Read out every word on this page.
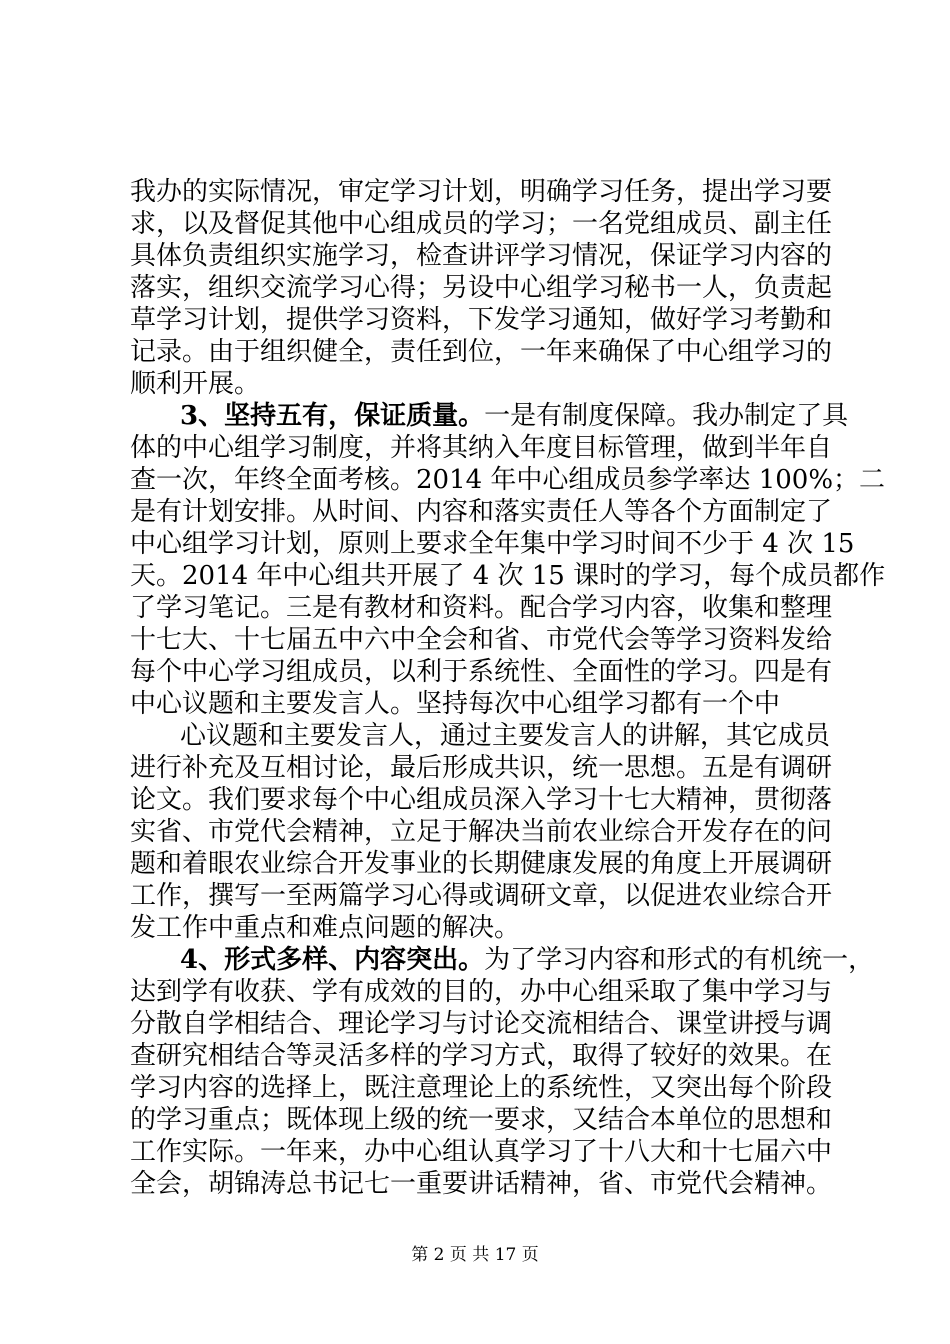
我办的实际情况，审定学习计划，明确学习任务，提出学习要
求，以及督促其他中心组成员的学习；一名党组成员、副主任
具体负责组织实施学习，检查讲评学习情况，保证学习内容的
落实，组织交流学习心得；另设中心组学习秘书一人，负责起
草学习计划，提供学习资料，下发学习通知，做好学习考勤和
记录。由于组织健全，责任到位，一年来确保了中心组学习的
顺利开展。
3、坚持五有，保证质量。一是有制度保障。我办制定了具
体的中心组学习制度，并将其纳入年度目标管理，做到半年自
查一次，年终全面考核。2014 年中心组成员参学率达 100%；二
是有计划安排。从时间、内容和落实责任人等各个方面制定了
中心组学习计划，原则上要求全年集中学习时间不少于 4 次 15
天。2014 年中心组共开展了 4 次 15 课时的学习，每个成员都作
了学习笔记。三是有教材和资料。配合学习内容，收集和整理
十七大、十七届五中六中全会和省、市党代会等学习资料发给
每个中心学习组成员，以利于系统性、全面性的学习。四是有
中心议题和主要发言人。坚持每次中心组学习都有一个中
心议题和主要发言人，通过主要发言人的讲解，其它成员
进行补充及互相讨论，最后形成共识，统一思想。五是有调研
论文。我们要求每个中心组成员深入学习十七大精神，贯彻落
实省、市党代会精神，立足于解决当前农业综合开发存在的问
题和着眼农业综合开发事业的长期健康发展的角度上开展调研
工作，撰写一至两篇学习心得或调研文章，以促进农业综合开
发工作中重点和难点问题的解决。
4、形式多样、内容突出。为了学习内容和形式的有机统一，
达到学有收获、学有成效的目的，办中心组采取了集中学习与
分散自学相结合、理论学习与讨论交流相结合、课堂讲授与调
查研究相结合等灵活多样的学习方式，取得了较好的效果。在
学习内容的选择上，既注意理论上的系统性，又突出每个阶段
的学习重点；既体现上级的统一要求，又结合本单位的思想和
工作实际。一年来，办中心组认真学习了十八大和十七届六中
全会，胡锦涛总书记七一重要讲话精神，省、市党代会精神。
第 2 页 共 17 页
